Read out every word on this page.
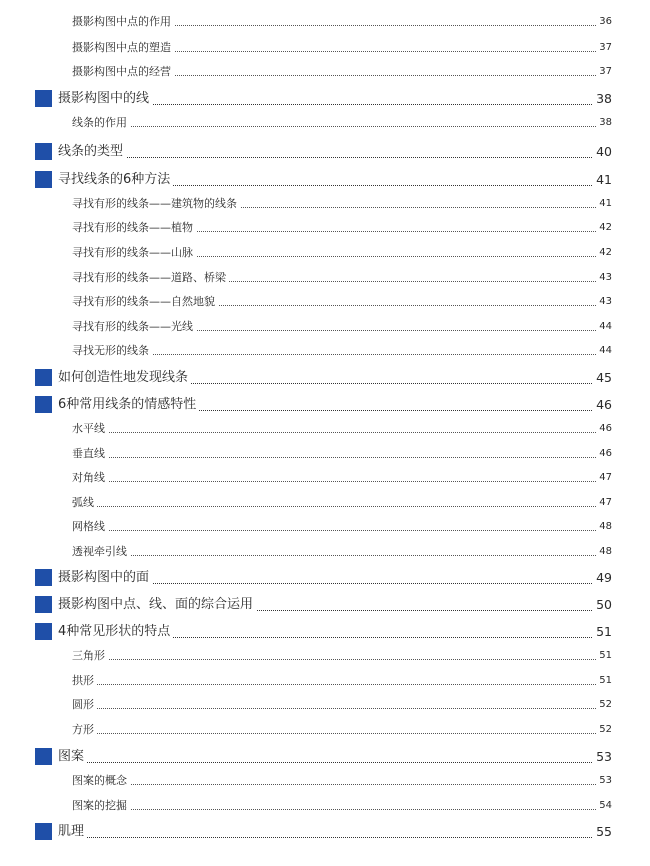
摄影构图中点的作用	36
摄影构图中点的塑造	37
摄影构图中点的经营	37
摄影构图中的线	38
线条的作用	38
线条的类型	40
寻找线条的6种方法	41
寻找有形的线条——建筑物的线条	41
寻找有形的线条——植物	42
寻找有形的线条——山脉	42
寻找有形的线条——道路、桥梁	43
寻找有形的线条——自然地貌	43
寻找有形的线条——光线	44
寻找无形的线条	44
如何创造性地发现线条	45
6种常用线条的情感特性	46
水平线	46
垂直线	46
对角线	47
弧线	47
网格线	48
透视牵引线	48
摄影构图中的面	49
摄影构图中点、线、面的综合运用	50
4种常见形状的特点	51
三角形	51
拱形	51
圆形	52
方形	52
图案	53
图案的概念	53
图案的挖掘	54
肌理	55
